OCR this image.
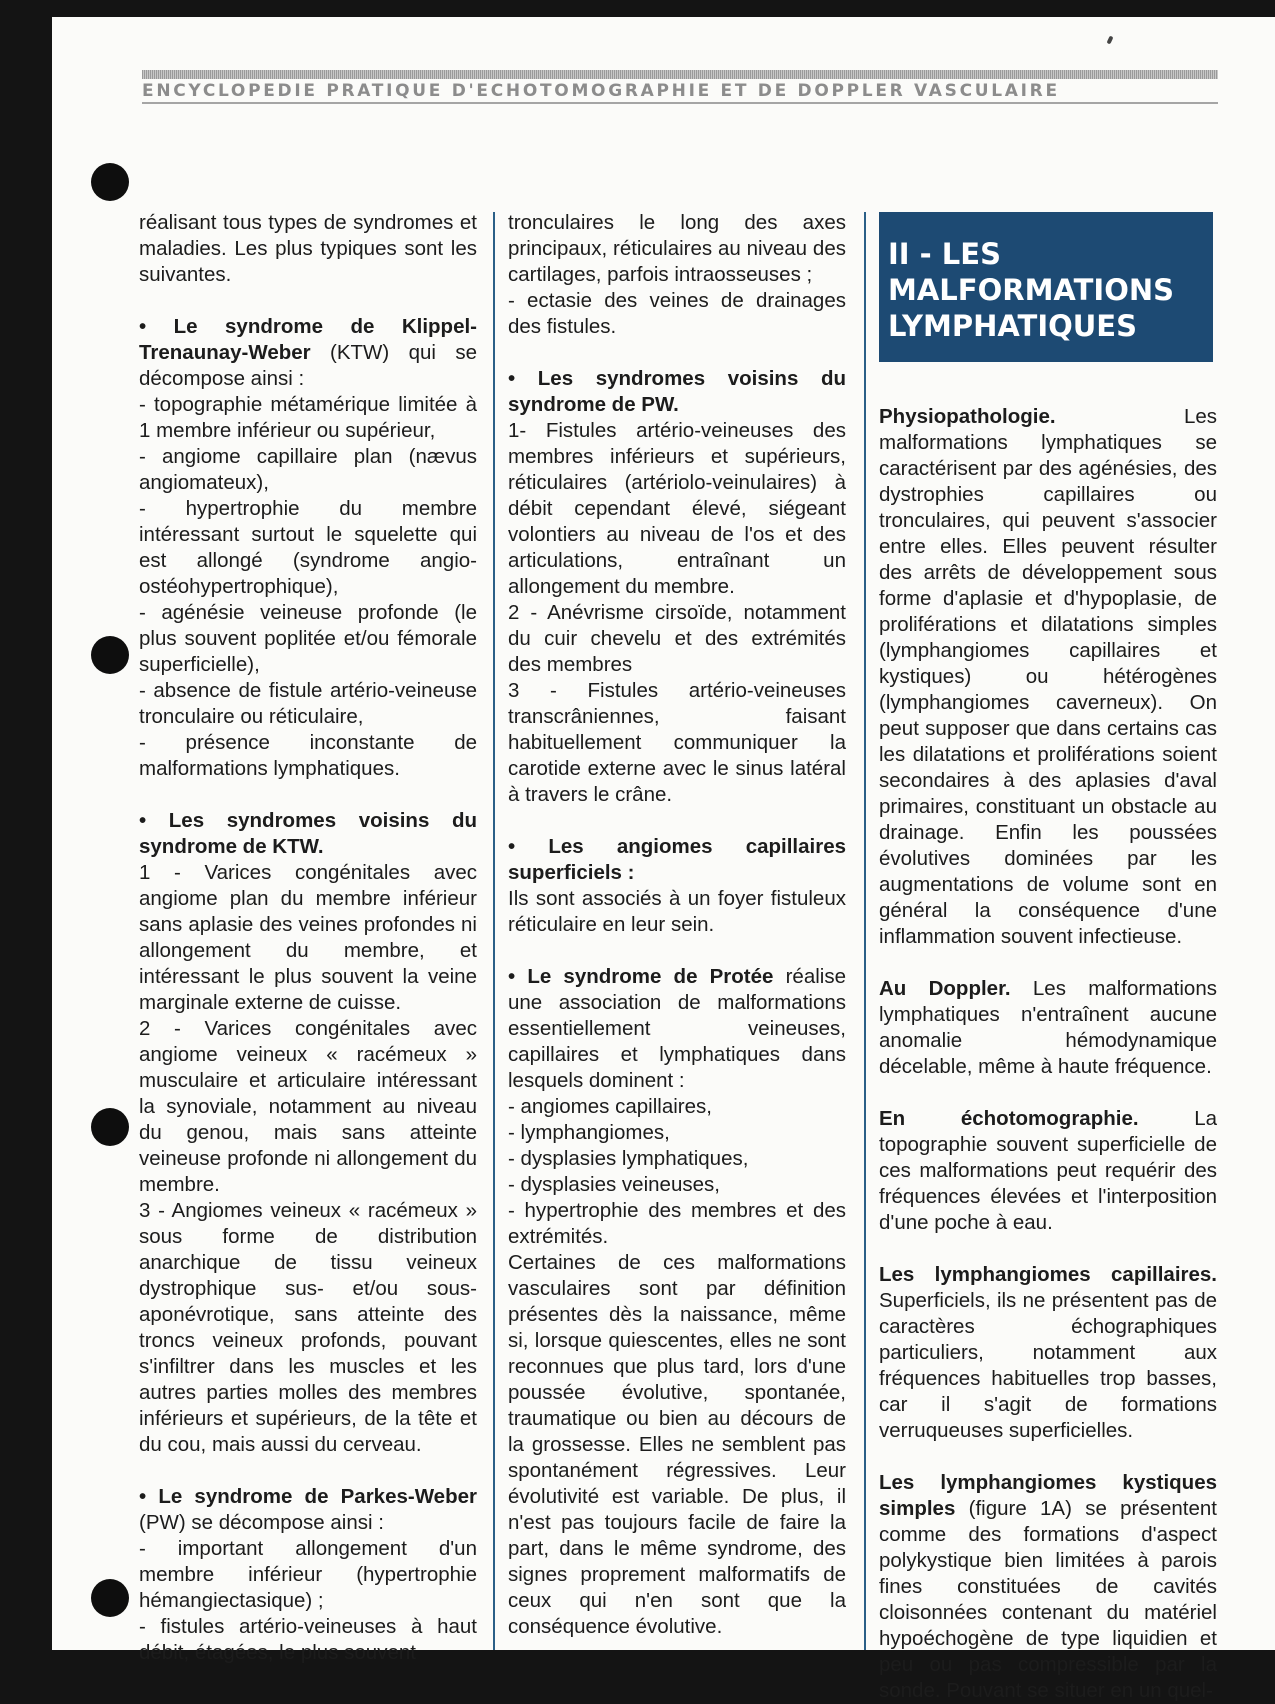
ENCYCLOPEDIE PRATIQUE D'ECHOTOMOGRAPHIE ET DE DOPPLER VASCULAIRE

réalisant tous types de syndromes et maladies. Les plus typiques sont les suivantes.

• Le syndrome de Klippel-Trenaunay-Weber (KTW) qui se décompose ainsi :

- topographie métamérique limitée à 1 membre inférieur ou supérieur,

- angiome capillaire plan (nævus angiomateux),

- hypertrophie du membre intéressant surtout le squelette qui est allongé (syndrome angio-ostéohypertrophique),

- agénésie veineuse profonde (le plus souvent poplitée et/ou fémorale superficielle),

- absence de fistule artério-veineuse tronculaire ou réticulaire,

- présence inconstante de malformations lymphatiques.

• Les syndromes voisins du syndrome de KTW.

1 - Varices congénitales avec angiome plan du membre inférieur sans aplasie des veines profondes ni allongement du membre, et intéressant le plus souvent la veine marginale externe de cuisse.

2 - Varices congénitales avec angiome veineux « racémeux » musculaire et articulaire intéressant la synoviale, notamment au niveau du genou, mais sans atteinte veineuse profonde ni allongement du membre.

3 - Angiomes veineux « racémeux » sous forme de distribution anarchique de tissu veineux dystrophique sus- et/ou sous-aponévrotique, sans atteinte des troncs veineux profonds, pouvant s'infiltrer dans les muscles et les autres parties molles des membres inférieurs et supérieurs, de la tête et du cou, mais aussi du cerveau.

• Le syndrome de Parkes-Weber (PW) se décompose ainsi :

- important allongement d'un membre inférieur (hypertrophie hémangiectasique) ;

- fistules artério-veineuses à haut débit, étagées, le plus souvent

tronculaires le long des axes principaux, réticulaires au niveau des cartilages, parfois intraosseuses ;

- ectasie des veines de drainages des fistules.

• Les syndromes voisins du syndrome de PW.

1- Fistules artério-veineuses des membres inférieurs et supérieurs, réticulaires (artériolo-veinulaires) à débit cependant élevé, siégeant volontiers au niveau de l'os et des articulations, entraînant un allongement du membre.

2 - Anévrisme cirsoïde, notamment du cuir chevelu et des extrémités des membres

3 - Fistules artério-veineuses transcrâniennes, faisant habituellement communiquer la carotide externe avec le sinus latéral à travers le crâne.

• Les angiomes capillaires superficiels :

Ils sont associés à un foyer fistuleux réticulaire en leur sein.

• Le syndrome de Protée réalise une association de malformations essentiellement veineuses, capillaires et lymphatiques dans lesquels dominent :

- angiomes capillaires,

- lymphangiomes,

- dysplasies lymphatiques,

- dysplasies veineuses,

- hypertrophie des membres et des extrémités.

Certaines de ces malformations vasculaires sont par définition présentes dès la naissance, même si, lorsque quiescentes, elles ne sont reconnues que plus tard, lors d'une poussée évolutive, spontanée, traumatique ou bien au décours de la grossesse. Elles ne semblent pas spontanément régressives. Leur évolutivité est variable. De plus, il n'est pas toujours facile de faire la part, dans le même syndrome, des signes proprement malformatifs de ceux qui n'en sont que la conséquence évolutive.

II - LES MALFORMATIONS LYMPHATIQUES

Physiopathologie. Les malformations lymphatiques se caractérisent par des agénésies, des dystrophies capillaires ou tronculaires, qui peuvent s'associer entre elles. Elles peuvent résulter des arrêts de développement sous forme d'aplasie et d'hypoplasie, de proliférations et dilatations simples (lymphangiomes capillaires et kystiques) ou hétérogènes (lymphangiomes caverneux). On peut supposer que dans certains cas les dilatations et proliférations soient secondaires à des aplasies d'aval primaires, constituant un obstacle au drainage. Enfin les poussées évolutives dominées par les augmentations de volume sont en général la conséquence d'une inflammation souvent infectieuse.

Au Doppler. Les malformations lymphatiques n'entraînent aucune anomalie hémodynamique décelable, même à haute fréquence.

En échotomographie. La topographie souvent superficielle de ces malformations peut requérir des fréquences élevées et l'interposition d'une poche à eau.

Les lymphangiomes capillaires. Superficiels, ils ne présentent pas de caractères échographiques particuliers, notamment aux fréquences habituelles trop basses, car il s'agit de formations verruqueuses superficielles.

Les lymphangiomes kystiques simples (figure 1A) se présentent comme des formations d'aspect polykystique bien limitées à parois fines constituées de cavités cloisonnées contenant du matériel hypoéchogène de type liquidien et peu ou pas compressible par la sonde. Pouvant se situer en un quel-
